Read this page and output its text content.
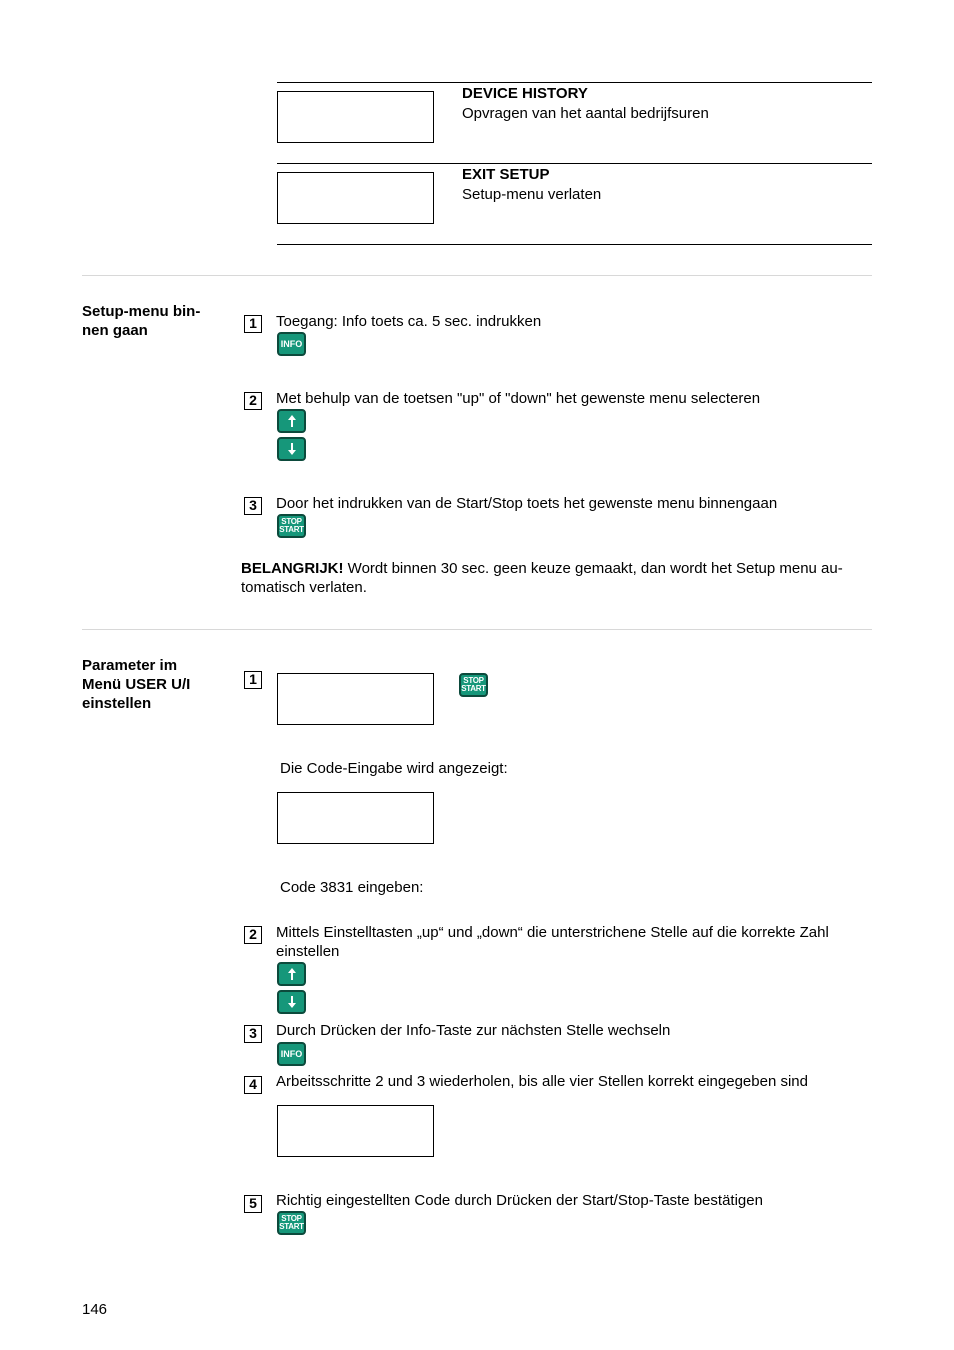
DEVICE HISTORY
Opvragen van het aantal bedrijfsuren

EXIT SETUP
Setup-menu verlaten
Setup-menu bin-
nen gaan	1	Toegang: Info toets ca. 5 sec. indrukken
INFO
2	Met behulp van de toetsen "up" of "down" het gewenste menu selecteren
3	Door het indrukken van de Start/Stop toets het gewenste menu binnengaan
STOP
START
BELANGRIJK! Wordt binnen 30 sec. geen keuze gemaakt, dan wordt het Setup menu au-
tomatisch verlaten.
Parameter im
Menü USER U/I
einstellen
1

	STOP
START
Die Code-Eingabe wird angezeigt:

Code 3831 eingeben:
2	Mittels Einstelltasten „up“ und „down“ die unterstrichene Stelle auf die korrekte Zahl
einstellen
3	Durch Drücken der Info-Taste zur nächsten Stelle wechseln
INFO
4	Arbeitsschritte 2 und 3 wiederholen, bis alle vier Stellen korrekt eingegeben sind

5	Richtig eingestellten Code durch Drücken der Start/Stop-Taste bestätigen
STOP
START
146
